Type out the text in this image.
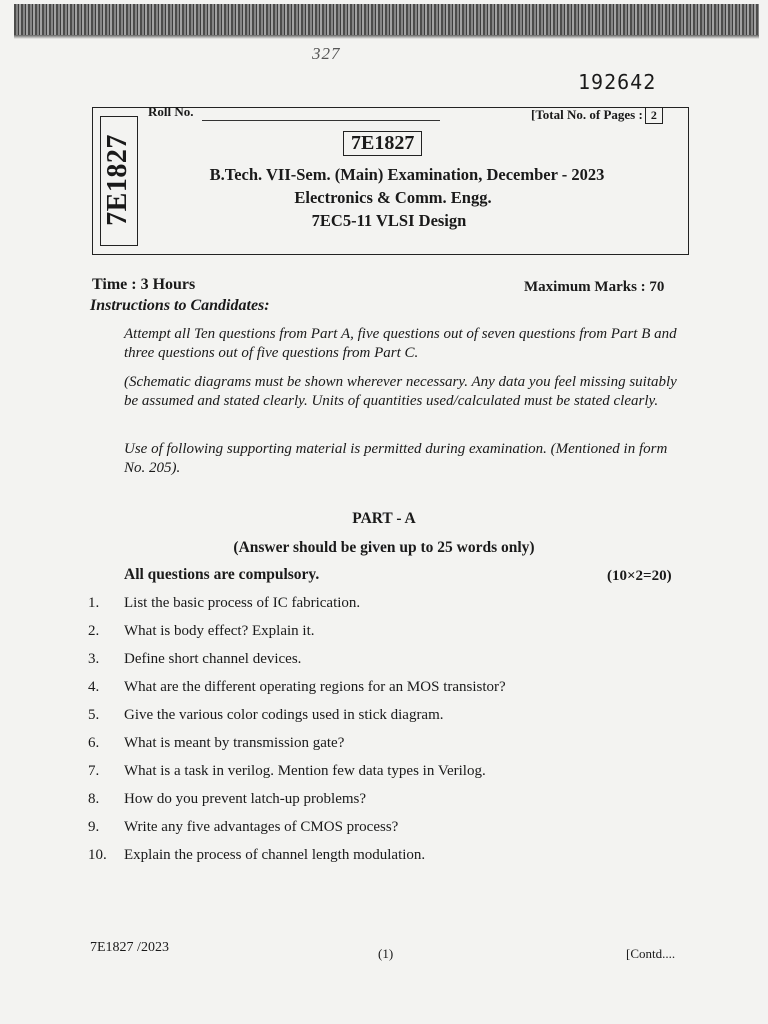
327
192642
7E1827
Roll No.	[Total No. of Pages : 2
7E1827
B.Tech. VII-Sem. (Main) Examination, December - 2023
Electronics & Comm. Engg.
7EC5-11 VLSI Design
Time : 3 Hours	Maximum Marks : 70
Instructions to Candidates:

Attempt all Ten questions from Part A, five questions out of seven questions from Part B and three questions out of five questions from Part C.

(Schematic diagrams must be shown wherever necessary. Any data you feel missing suitably be assumed and stated clearly. Units of quantities used/calculated must be stated clearly.

Use of following supporting material is permitted during examination. (Mentioned in form No. 205).

PART - A
(Answer should be given up to 25 words only)
All questions are compulsory.	(10×2=20)
1. List the basic process of IC fabrication.
2. What is body effect? Explain it.
3. Define short channel devices.
4. What are the different operating regions for an MOS transistor?
5. Give the various color codings used in stick diagram.
6. What is meant by transmission gate?
7. What is a task in verilog. Mention few data types in Verilog.
8. How do you prevent latch-up problems?
9. Write any five advantages of CMOS process?
10. Explain the process of channel length modulation.
7E1827 /2023	(1)	[Contd....
